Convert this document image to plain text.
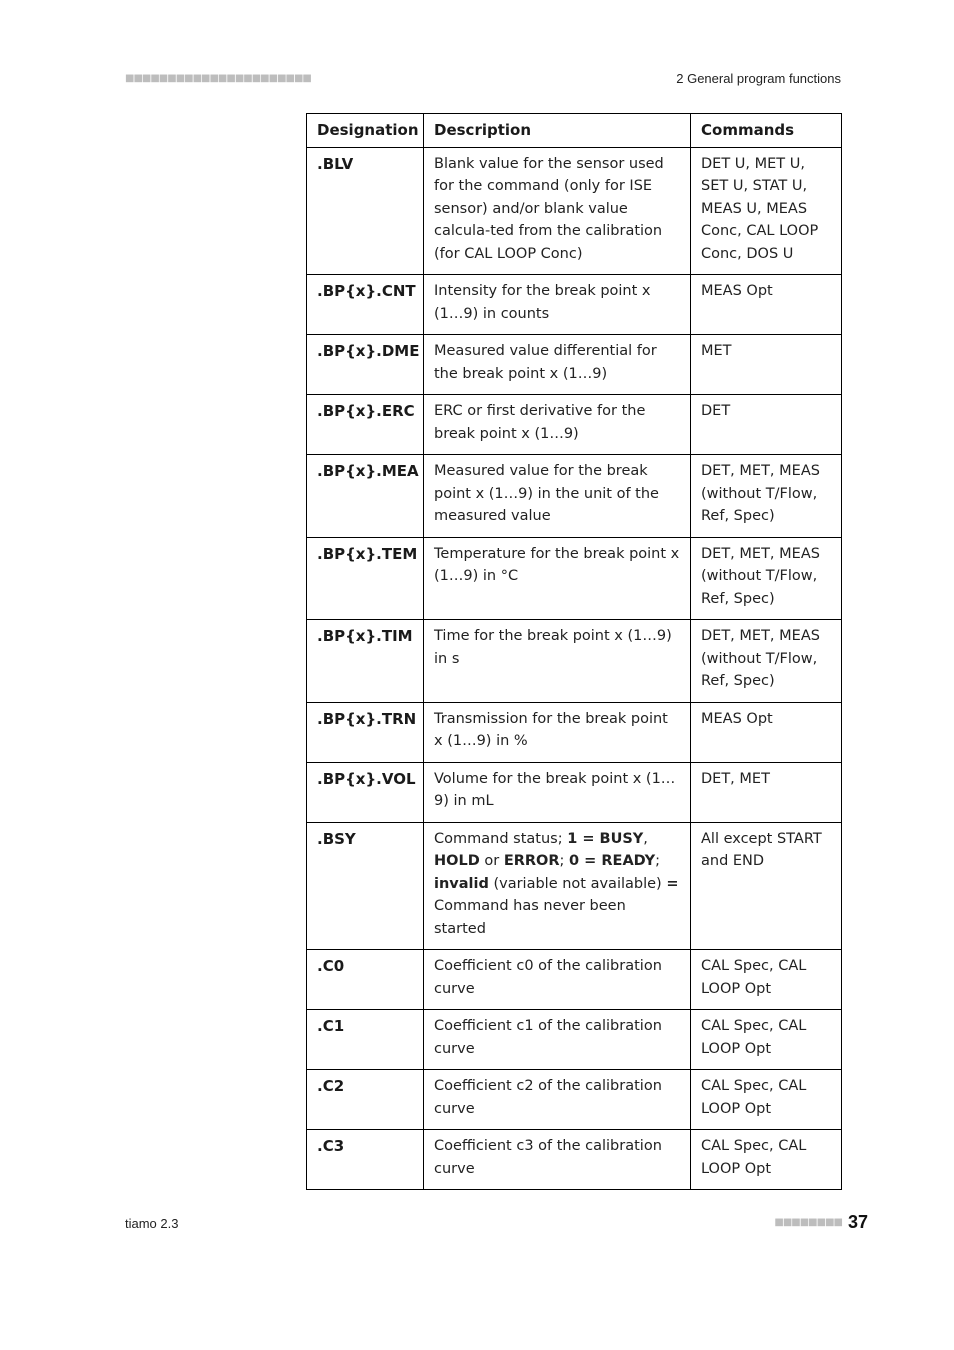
■■■■■■■■■■■■■■■■■■■■■■	2 General program functions
Designation	Description	Commands
.BLV	Blank value for the sensor used for the command (only for ISE sensor) and/or blank value calcula-ted from the calibration (for CAL LOOP Conc)	DET U, MET U, SET U, STAT U, MEAS U, MEAS Conc, CAL LOOP Conc, DOS U
.BP{x}.CNT	Intensity for the break point x (1…9) in counts	MEAS Opt
.BP{x}.DME	Measured value differential for the break point x (1…9)	MET
.BP{x}.ERC	ERC or first derivative for the break point x (1…9)	DET
.BP{x}.MEA	Measured value for the break point x (1…9) in the unit of the measured value	DET, MET, MEAS (without T/Flow, Ref, Spec)
.BP{x}.TEM	Temperature for the break point x (1…9) in °C	DET, MET, MEAS (without T/Flow, Ref, Spec)
.BP{x}.TIM	Time for the break point x (1…9) in s	DET, MET, MEAS (without T/Flow, Ref, Spec)
.BP{x}.TRN	Transmission for the break point x (1…9) in %	MEAS Opt
.BP{x}.VOL	Volume for the break point x (1…9) in mL	DET, MET
.BSY	Command status; 1 = BUSY, HOLD or ERROR; 0 = READY; invalid (variable not available) = Command has never been started	All except START and END
.C0	Coefficient c0 of the calibration curve	CAL Spec, CAL LOOP Opt
.C1	Coefficient c1 of the calibration curve	CAL Spec, CAL LOOP Opt
.C2	Coefficient c2 of the calibration curve	CAL Spec, CAL LOOP Opt
.C3	Coefficient c3 of the calibration curve	CAL Spec, CAL LOOP Opt
tiamo 2.3	■■■■■■■■ 37
